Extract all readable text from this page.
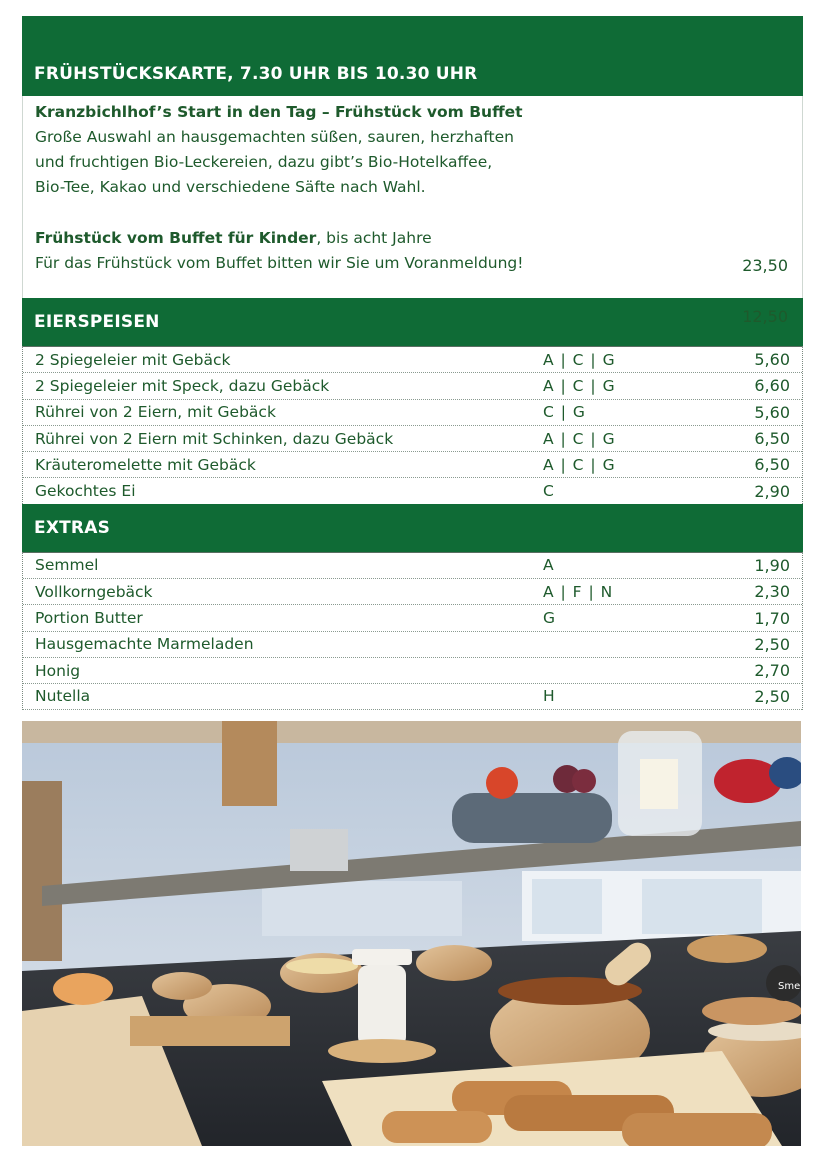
FRÜHSTÜCKSKARTE, 7.30 UHR BIS 10.30 UHR
Kranzbichlhof’s Start in den Tag – Frühstück vom Buffet
Große Auswahl an hausgemachten süßen, sauren, herzhaften
und fruchtigen Bio-Leckereien, dazu gibt’s Bio-Hotelkaffee,
Bio-Tee, Kakao und verschiedene Säfte nach Wahl.
23,50
Frühstück vom Buffet für Kinder, bis acht Jahre
Für das Frühstück vom Buffet bitten wir Sie um Voranmeldung!
12,50
EIERSPEISEN
2 Spiegeleier mit Gebäck	A | C | G	5,60
2 Spiegeleier mit Speck, dazu Gebäck	A | C | G	6,60
Rührei von 2 Eiern, mit Gebäck	C | G	5,60
Rührei von 2 Eiern mit Schinken, dazu Gebäck	A | C | G	6,50
Kräuteromelette mit Gebäck	A | C | G	6,50
Gekochtes Ei	C	2,90
EXTRAS
Semmel	A	1,90
Vollkorngebäck	A | F | N	2,30
Portion Butter	G	1,70
Hausgemachte Marmeladen	2,50
Honig	2,70
Nutella	H	2,50
Sme
